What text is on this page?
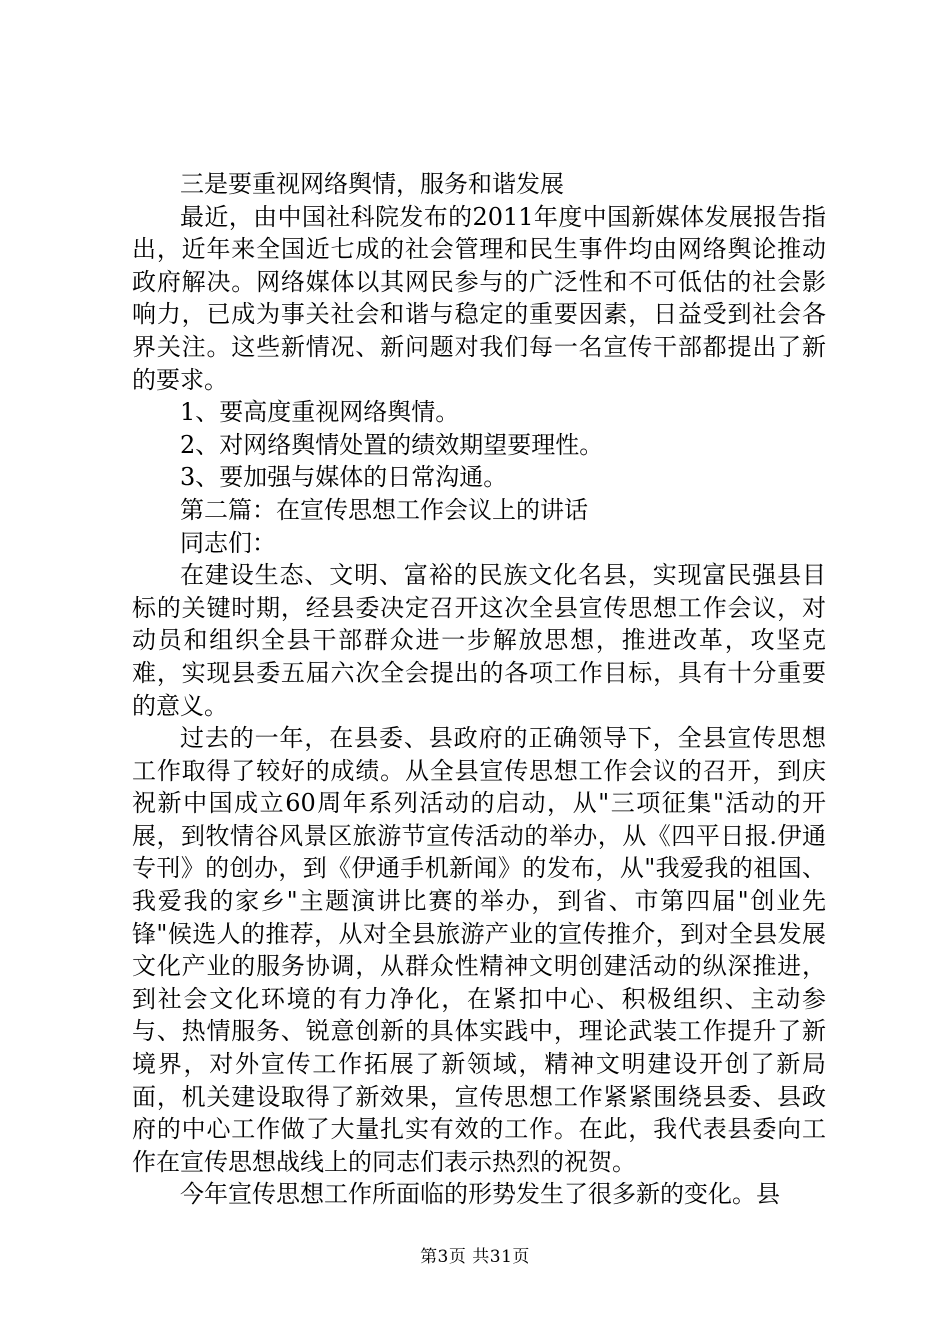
三是要重视网络舆情，服务和谐发展

最近，由中国社科院发布的2011年度中国新媒体发展报告指出，近年来全国近七成的社会管理和民生事件均由网络舆论推动政府解决。网络媒体以其网民参与的广泛性和不可低估的社会影响力，已成为事关社会和谐与稳定的重要因素，日益受到社会各界关注。这些新情况、新问题对我们每一名宣传干部都提出了新的要求。

1、要高度重视网络舆情。

2、对网络舆情处置的绩效期望要理性。

3、要加强与媒体的日常沟通。

第二篇：在宣传思想工作会议上的讲话

同志们：

在建设生态、文明、富裕的民族文化名县，实现富民强县目标的关键时期，经县委决定召开这次全县宣传思想工作会议，对动员和组织全县干部群众进一步解放思想，推进改革，攻坚克难，实现县委五届六次全会提出的各项工作目标，具有十分重要的意义。

过去的一年，在县委、县政府的正确领导下，全县宣传思想工作取得了较好的成绩。从全县宣传思想工作会议的召开，到庆祝新中国成立60周年系列活动的启动，从"三项征集"活动的开展，到牧情谷风景区旅游节宣传活动的举办，从《四平日报.伊通专刊》的创办，到《伊通手机新闻》的发布，从"我爱我的祖国、我爱我的家乡"主题演讲比赛的举办，到省、市第四届"创业先锋"候选人的推荐，从对全县旅游产业的宣传推介，到对全县发展文化产业的服务协调，从群众性精神文明创建活动的纵深推进，到社会文化环境的有力净化，在紧扣中心、积极组织、主动参与、热情服务、锐意创新的具体实践中，理论武装工作提升了新境界，对外宣传工作拓展了新领域，精神文明建设开创了新局面，机关建设取得了新效果，宣传思想工作紧紧围绕县委、县政府的中心工作做了大量扎实有效的工作。在此，我代表县委向工作在宣传思想战线上的同志们表示热烈的祝贺。

今年宣传思想工作所面临的形势发生了很多新的变化。县

第3页 共31页
